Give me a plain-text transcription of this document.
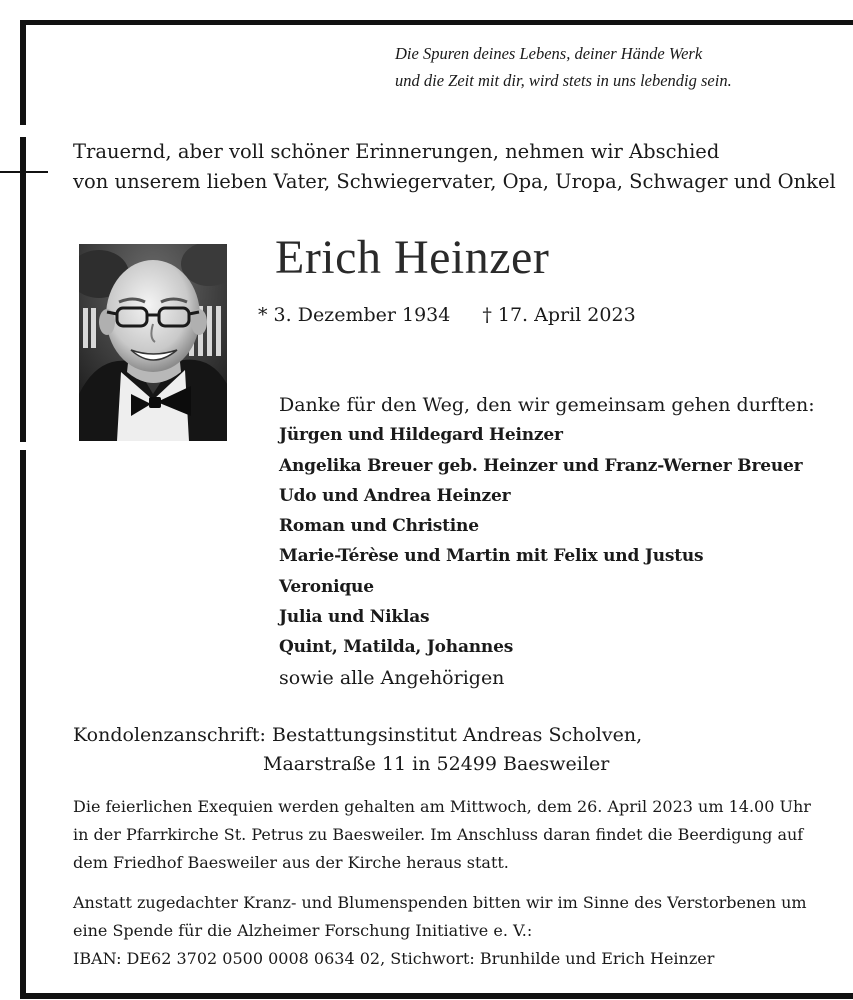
Die Spuren deines Lebens, deiner Hände Werk
und die Zeit mit dir, wird stets in uns lebendig sein.
Trauernd, aber voll schöner Erinnerungen, nehmen wir Abschied
von unserem lieben Vater, Schwiegervater, Opa, Uropa, Schwager und Onkel
Erich Heinzer
* 3. Dezember 1934 † 17. April 2023
Danke für den Weg, den wir gemeinsam gehen durften:
Jürgen und Hildegard Heinzer
Angelika Breuer geb. Heinzer und Franz-Werner Breuer
Udo und Andrea Heinzer
Roman und Christine
Marie-Térèse und Martin mit Felix und Justus
Veronique
Julia und Niklas
Quint, Matilda, Johannes
sowie alle Angehörigen
Kondolenzanschrift: Bestattungsinstitut Andreas Scholven,
Maarstraße 11 in 52499 Baesweiler
Die feierlichen Exequien werden gehalten am Mittwoch, dem 26. April 2023 um 14.00 Uhr
in der Pfarrkirche St. Petrus zu Baesweiler. Im Anschluss daran findet die Beerdigung auf
dem Friedhof Baesweiler aus der Kirche heraus statt.
Anstatt zugedachter Kranz- und Blumenspenden bitten wir im Sinne des Verstorbenen um
eine Spende für die Alzheimer Forschung Initiative e. V.:
IBAN: DE62 3702 0500 0008 0634 02, Stichwort: Brunhilde und Erich Heinzer
